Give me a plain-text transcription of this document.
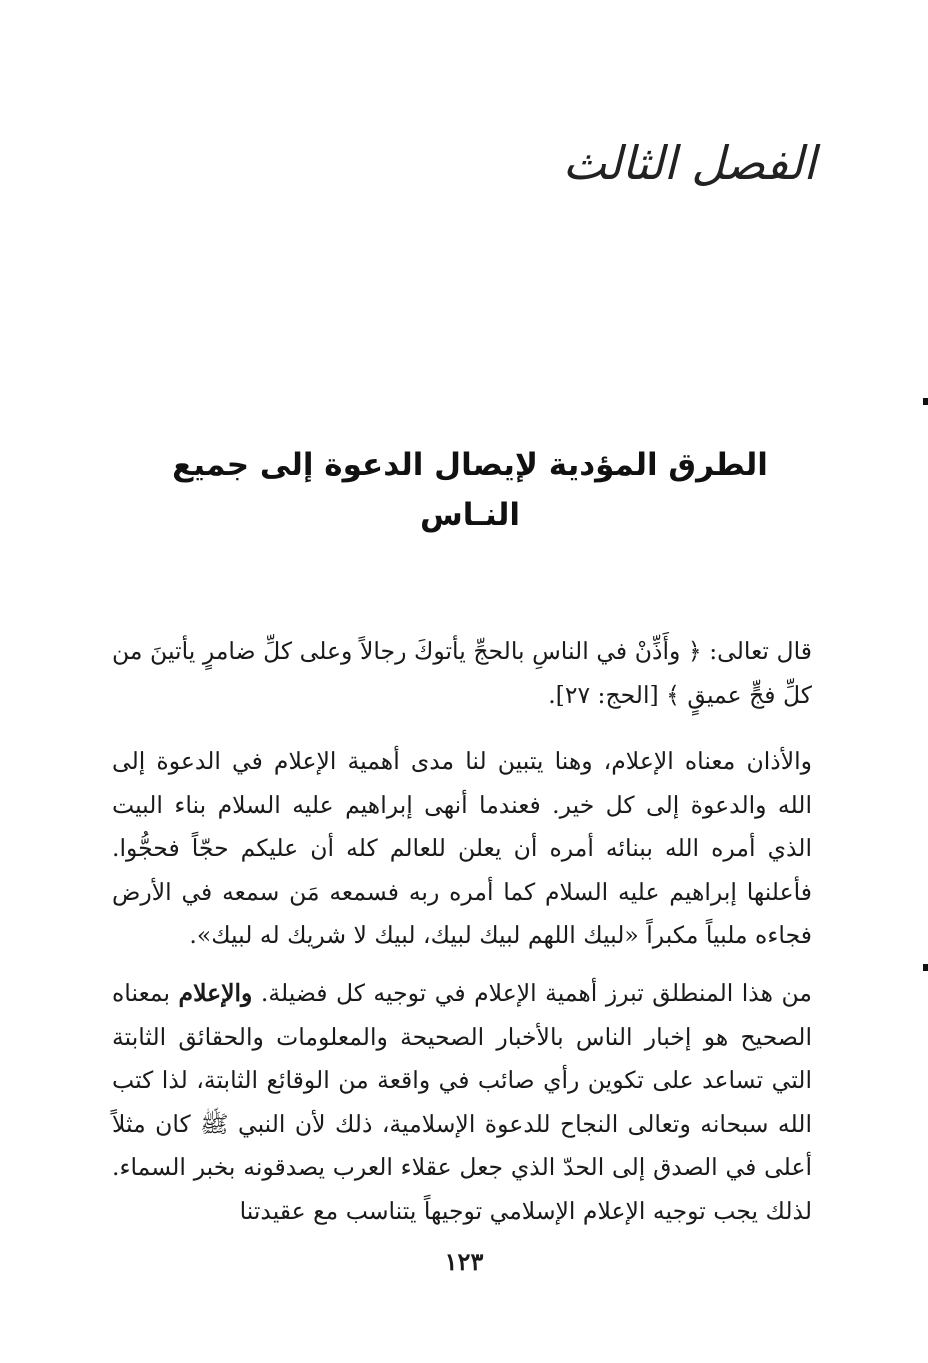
الفصل الثالث
الطرق المؤدية لإيصال الدعوة إلى جميع النـاس

قال تعالى: ﴿ وأَذِّنْ في الناسِ بالحجِّ يأتوكَ رجالاً وعلى كلِّ ضامرٍ يأتينَ من كلِّ فجٍّ عميقٍ ﴾ [الحج: ٢٧].

والأذان معناه الإعلام، وهنا يتبين لنا مدى أهمية الإعلام في الدعوة إلى الله والدعوة إلى كل خير. فعندما أنهى إبراهيم عليه السلام بناء البيت الذي أمره الله ببنائه أمره أن يعلن للعالم كله أن عليكم حجّاً فحجُّوا. فأعلنها إبراهيم عليه السلام كما أمره ربه فسمعه مَن سمعه في الأرض فجاءه ملبياً مكبراً «لبيك اللهم لبيك لبيك، لبيك لا شريك له لبيك».

من هذا المنطلق تبرز أهمية الإعلام في توجيه كل فضيلة. والإعلام بمعناه الصحيح هو إخبار الناس بالأخبار الصحيحة والمعلومات والحقائق الثابتة التي تساعد على تكوين رأي صائب في واقعة من الوقائع الثابتة، لذا كتب الله سبحانه وتعالى النجاح للدعوة الإسلامية، ذلك لأن النبي ﷺ كان مثلاً أعلى في الصدق إلى الحدّ الذي جعل عقلاء العرب يصدقونه بخبر السماء. لذلك يجب توجيه الإعلام الإسلامي توجيهاً يتناسب مع عقيدتنا

١٢٣
